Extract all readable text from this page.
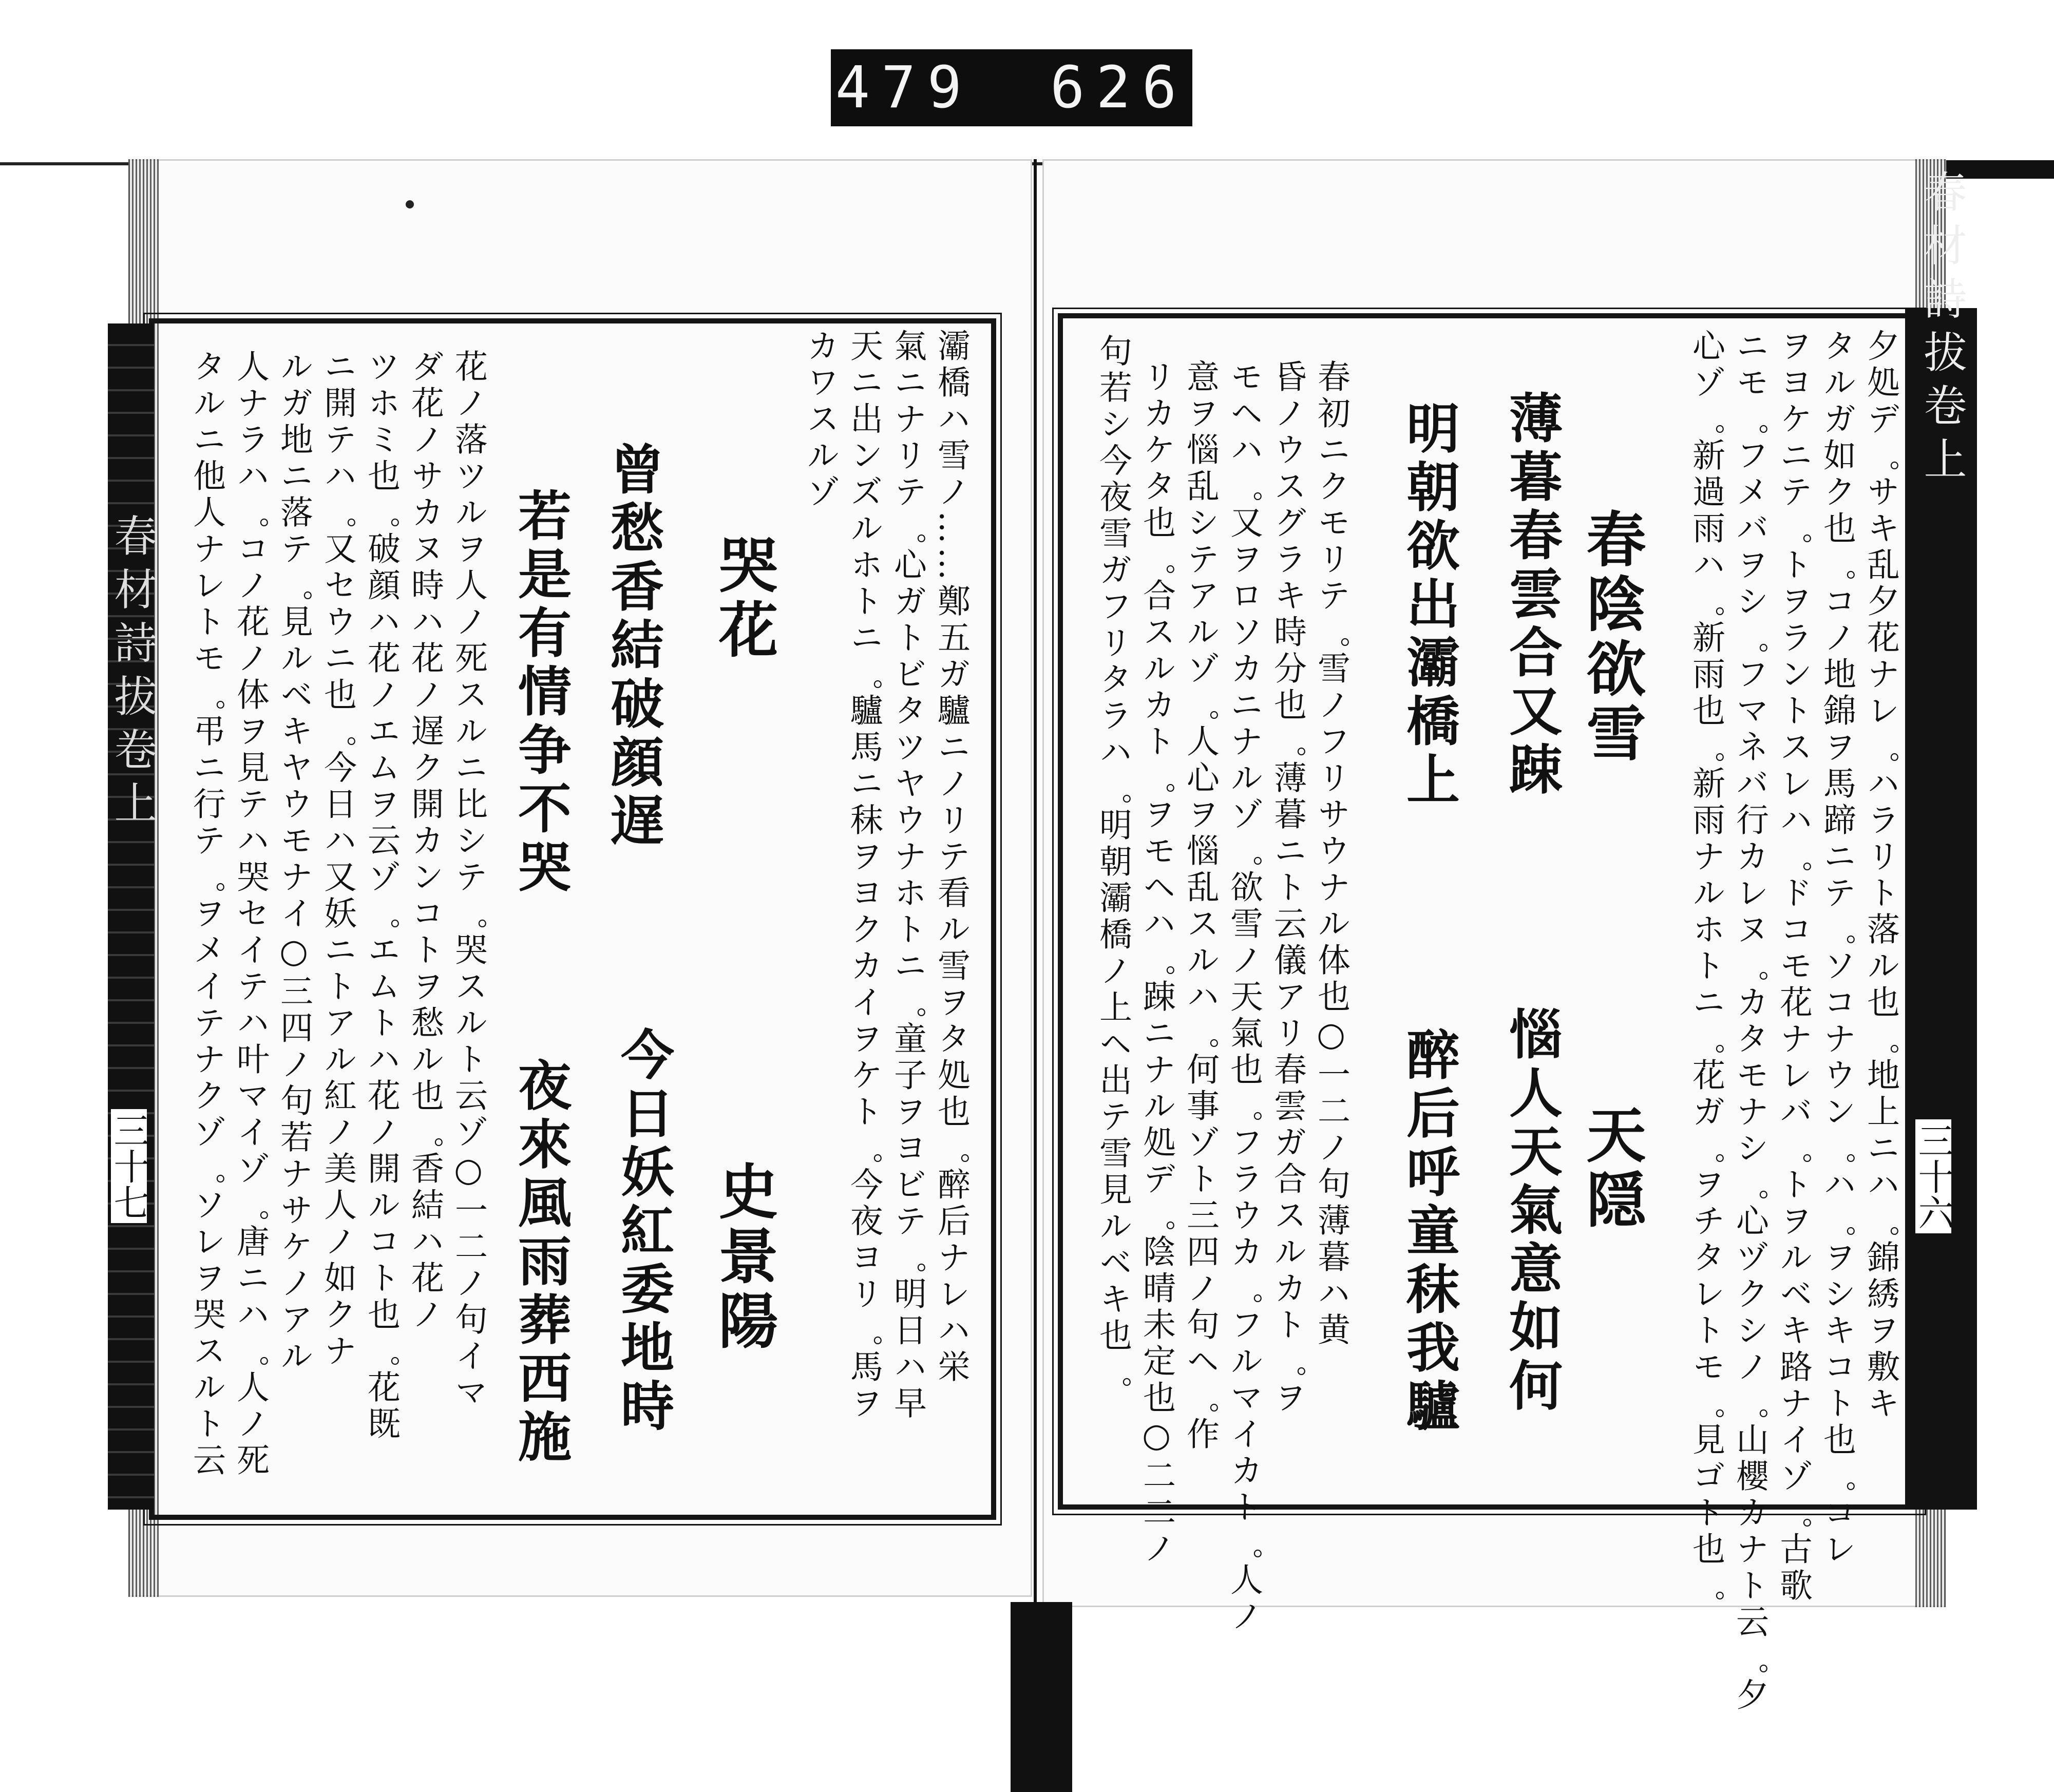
479 626
春材詩拔卷上
三十六
夕処デ゜サキ乱夕花ナレ゜ハラリト落ル也゜地上ニハ゜錦綉ヲ敷キ
タルガ如ク也゜コノ地錦ヲ馬蹄ニテ゜ソコナウン゜ハ゜ヲシキコト也゜コレ
ヲヨケニテ゜トヲラントスレハ゜ドコモ花ナレバ゜トヲルベキ路ナイゾ゜古歌
ニモ゜フメバヲシ゜フマネバ行カレヌ゜カタモナシ゜心ヅクシノ゜山櫻カナト云゜夕
心ゾ゜新過雨ハ゜新雨也゜新雨ナルホトニ゜花ガ゜ヲチタレトモ゜見ゴト也゜
春陰欲雪
天隠
薄暮春雲合又踈
惱人天氣意如何
明朝欲出灞橋上
醉后呼童秣我驢
春初ニクモリテ゜雪ノフリサウナル体也○一二ノ句薄暮ハ黄
昏ノウスグラキ時分也゜薄暮ニト云儀アリ春雲ガ合スルカト゜ヲ
モヘハ゜又ヲロソカニナルゾ゜欲雪ノ天氣也゜フラウカ゜フルマイカト゜人ノ
意ヲ惱乱シテアルゾ゜人心ヲ惱乱スルハ゜何事ゾト三四ノ句ヘ゜作
リカケタ也゜合スルカト゜ヲモヘハ゜踈ニナル処デ゜陰晴未定也○二二ノ
句若シ今夜雪ガフリタラハ゜明朝灞橋ノ上ヘ出テ雪見ルベキ也゜
春材詩拔卷上
三十七	灞橋ハ雪ノ……鄭五ガ驢ニノリテ看ル雪ヲタ処也゜醉后ナレハ栄
氣ニナリテ゜心ガトビタツヤウナホトニ゜童子ヲヨビテ゜明日ハ早
天ニ出ンズルホトニ゜驢馬ニ秣ヲヨクカイヲケト゜今夜ヨリ゜馬ヲ
カワスルゾ
哭花
史景陽
曾愁香結破顔遅
今日妖紅委地時
若是有情争不哭
夜來風雨葬西施
花ノ落ツルヲ人ノ死スルニ比シテ゜哭スルト云ゾ○一二ノ句イマ
ダ花ノサカヌ時ハ花ノ遅ク開カンコトヲ愁ル也゜香結ハ花ノ
ツホミ也゜破顔ハ花ノエムヲ云ゾ゜エムトハ花ノ開ルコト也゜花既
ニ開テハ゜又セウニ也゜今日ハ又妖ニトアル紅ノ美人ノ如クナ
ルガ地ニ落テ゜見ルベキヤウモナイ○三四ノ句若ナサケノアル
人ナラハ゜コノ花ノ体ヲ見テハ哭セイテハ叶マイゾ゜唐ニハ゜人ノ死
タルニ他人ナレトモ゜弔ニ行テ゜ヲメイテナクゾ゜ソレヲ哭スルト云
